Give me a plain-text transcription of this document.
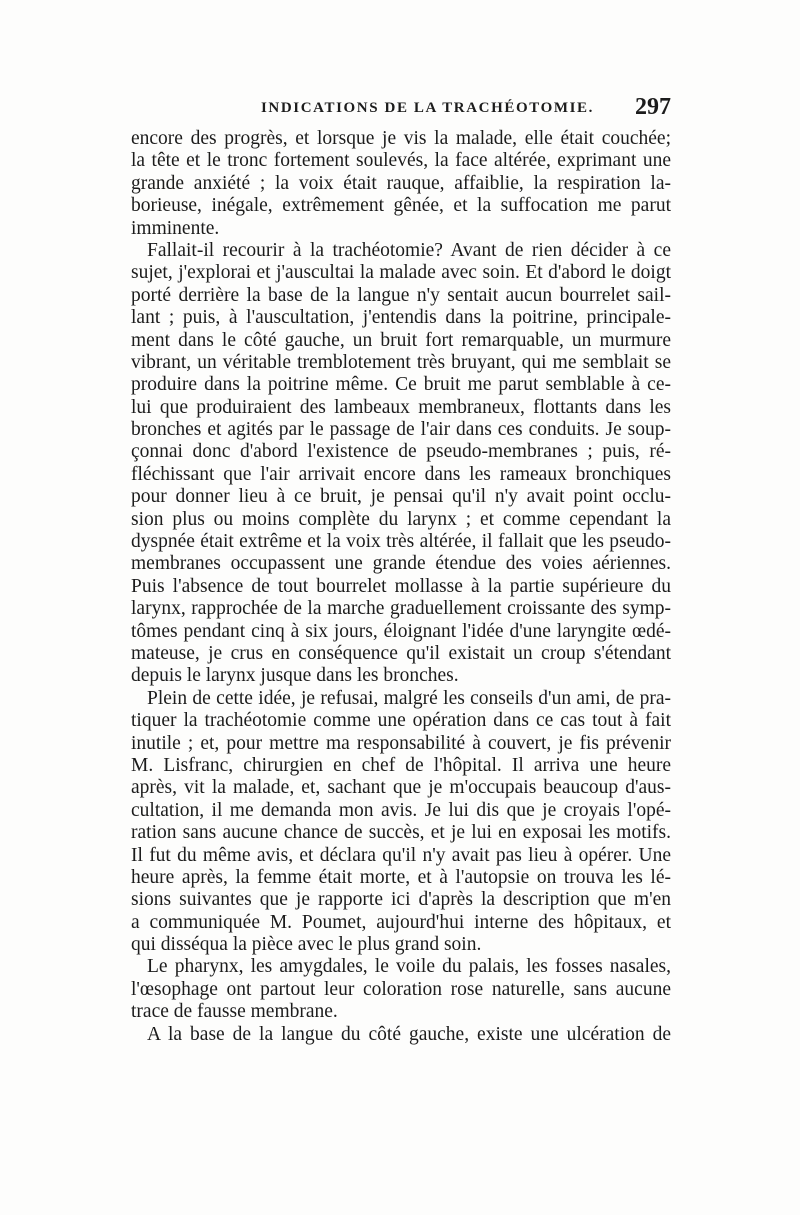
INDICATIONS DE LA TRACHÉOTOMIE. 297
encore des progrès, et lorsque je vis la malade, elle était couchée;
la tête et le tronc fortement soulevés, la face altérée, exprimant une
grande anxiété ; la voix était rauque, affaiblie, la respiration la-
borieuse, inégale, extrêmement gênée, et la suffocation me parut
imminente.
Fallait-il recourir à la trachéotomie? Avant de rien décider à ce
sujet, j'explorai et j'auscultai la malade avec soin. Et d'abord le doigt
porté derrière la base de la langue n'y sentait aucun bourrelet sail-
lant ; puis, à l'auscultation, j'entendis dans la poitrine, principale-
ment dans le côté gauche, un bruit fort remarquable, un murmure
vibrant, un véritable tremblotement très bruyant, qui me semblait se
produire dans la poitrine même. Ce bruit me parut semblable à ce-
lui que produiraient des lambeaux membraneux, flottants dans les
bronches et agités par le passage de l'air dans ces conduits. Je soup-
çonnai donc d'abord l'existence de pseudo-membranes ; puis, ré-
fléchissant que l'air arrivait encore dans les rameaux bronchiques
pour donner lieu à ce bruit, je pensai qu'il n'y avait point occlu-
sion plus ou moins complète du larynx ; et comme cependant la
dyspnée était extrême et la voix très altérée, il fallait que les pseudo-
membranes occupassent une grande étendue des voies aériennes.
Puis l'absence de tout bourrelet mollasse à la partie supérieure du
larynx, rapprochée de la marche graduellement croissante des symp-
tômes pendant cinq à six jours, éloignant l'idée d'une laryngite œdé-
mateuse, je crus en conséquence qu'il existait un croup s'étendant
depuis le larynx jusque dans les bronches.
Plein de cette idée, je refusai, malgré les conseils d'un ami, de pra-
tiquer la trachéotomie comme une opération dans ce cas tout à fait
inutile ; et, pour mettre ma responsabilité à couvert, je fis prévenir
M. Lisfranc, chirurgien en chef de l'hôpital. Il arriva une heure
après, vit la malade, et, sachant que je m'occupais beaucoup d'aus-
cultation, il me demanda mon avis. Je lui dis que je croyais l'opé-
ration sans aucune chance de succès, et je lui en exposai les motifs.
Il fut du même avis, et déclara qu'il n'y avait pas lieu à opérer. Une
heure après, la femme était morte, et à l'autopsie on trouva les lé-
sions suivantes que je rapporte ici d'après la description que m'en
a communiquée M. Poumet, aujourd'hui interne des hôpitaux, et
qui disséqua la pièce avec le plus grand soin.
Le pharynx, les amygdales, le voile du palais, les fosses nasales,
l'œsophage ont partout leur coloration rose naturelle, sans aucune
trace de fausse membrane.
A la base de la langue du côté gauche, existe une ulcération de
